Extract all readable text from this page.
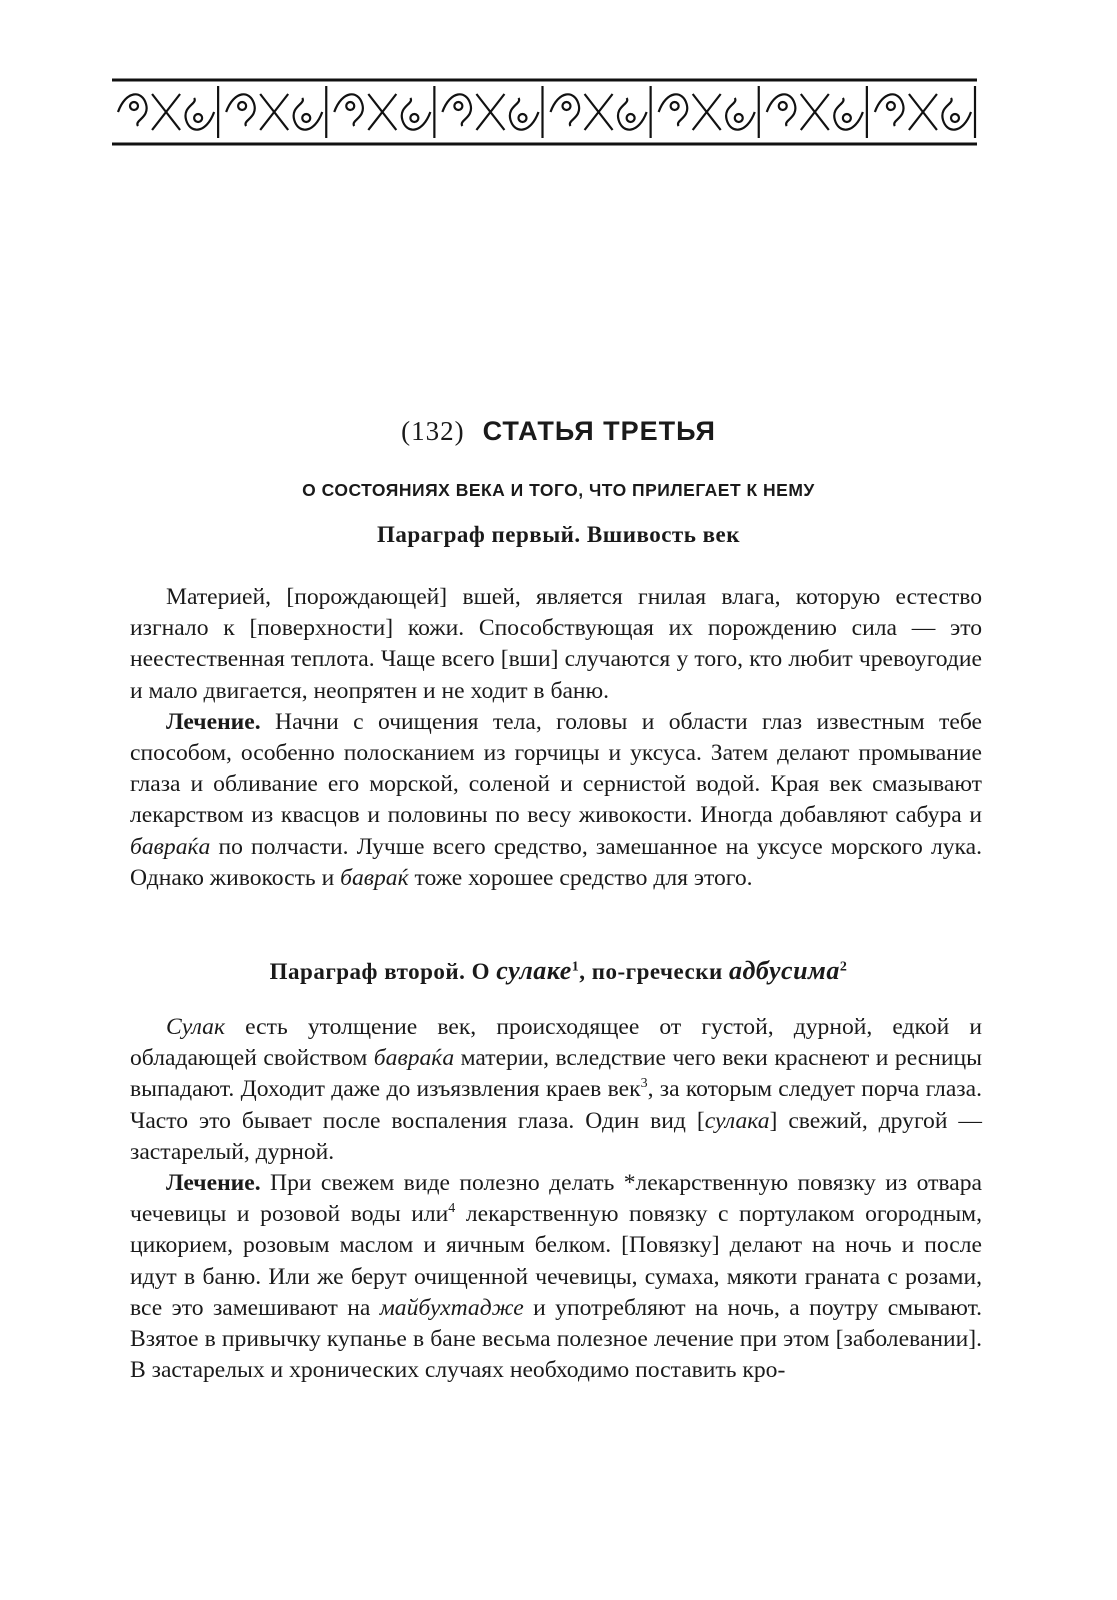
(132) СТАТЬЯ ТРЕТЬЯ
О СОСТОЯНИЯХ ВЕКА И ТОГО, ЧТО ПРИЛЕГАЕТ К НЕМУ
Параграф первый. Вшивость век

Материей, [порождающей] вшей, является гнилая влага, которую естество изгнало к [поверхности] кожи. Способствующая их порождению сила — это неестественная теплота. Чаще всего [вши] случаются у того, кто любит чревоугодие и мало двигается, неопрятен и не ходит в баню.

Лечение. Начни с очищения тела, головы и области глаз известным тебе способом, особенно полосканием из горчицы и уксуса. Затем делают промывание глаза и обливание его морской, соленой и сернистой водой. Края век смазывают лекарством из квасцов и половины по весу живокости. Иногда добавляют сабура и бавраќа по полчасти. Лучше всего средство, замешанное на уксусе морского лука. Однако живокость и бавраќ тоже хорошее средство для этого.

Параграф второй. О сулаке$^1$, по-гречески адбусима$^2$

Сулак есть утолщение век, происходящее от густой, дурной, едкой и обладающей свойством бавраќа материи, вследствие чего веки краснеют и ресницы выпадают. Доходит даже до изъязвления краев век$^3$, за которым следует порча глаза. Часто это бывает после воспаления глаза. Один вид [сулака] свежий, другой — застарелый, дурной.

Лечение. При свежем виде полезно делать *лекарственную повязку из отвара чечевицы и розовой воды или$^4$ лекарственную повязку с портулаком огородным, цикорием, розовым маслом и яичным белком. [Повязку] делают на ночь и после идут в баню. Или же берут очищенной чечевицы, сумаха, мякоти граната с розами, все это замешивают на майбухтадже и употребляют на ночь, а поутру смывают. Взятое в привычку купанье в бане весьма полезное лечение при этом [заболевании]. В застарелых и хронических случаях необходимо поставить кро-
